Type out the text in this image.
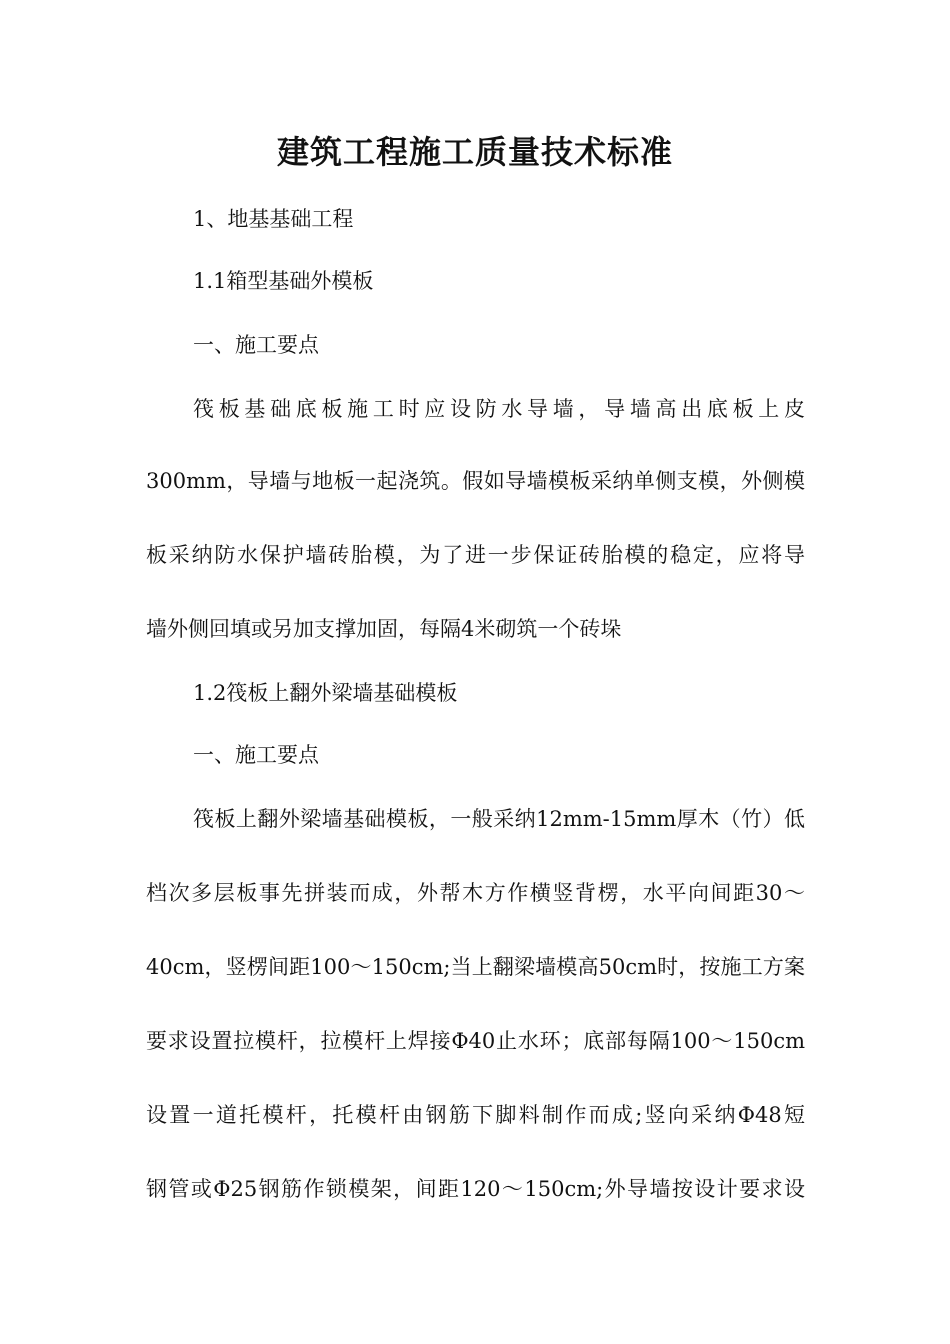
建筑工程施工质量技术标准

1、地基基础工程

1.1箱型基础外模板

一、施工要点

筏板基础底板施工时应设防水导墙，导墙高出底板上皮

300mm，导墙与地板一起浇筑。假如导墙模板采纳单侧支模，外侧模

板采纳防水保护墙砖胎模，为了进一步保证砖胎模的稳定，应将导

墙外侧回填或另加支撑加固，每隔4米砌筑一个砖垛

1.2筏板上翻外梁墙基础模板

一、施工要点

筏板上翻外梁墙基础模板，一般采纳12mm-15mm厚木（竹）低

档次多层板事先拼装而成，外帮木方作横竖背楞，水平向间距30～

40cm，竖楞间距100～150cm;当上翻梁墙模高50cm时，按施工方案

要求设置拉模杆，拉模杆上焊接Φ40止水环；底部每隔100～150cm

设置一道托模杆，托模杆由钢筋下脚料制作而成;竖向采纳Φ48短

钢管或Φ25钢筋作锁模架，间距120～150cm;外导墙按设计要求设
